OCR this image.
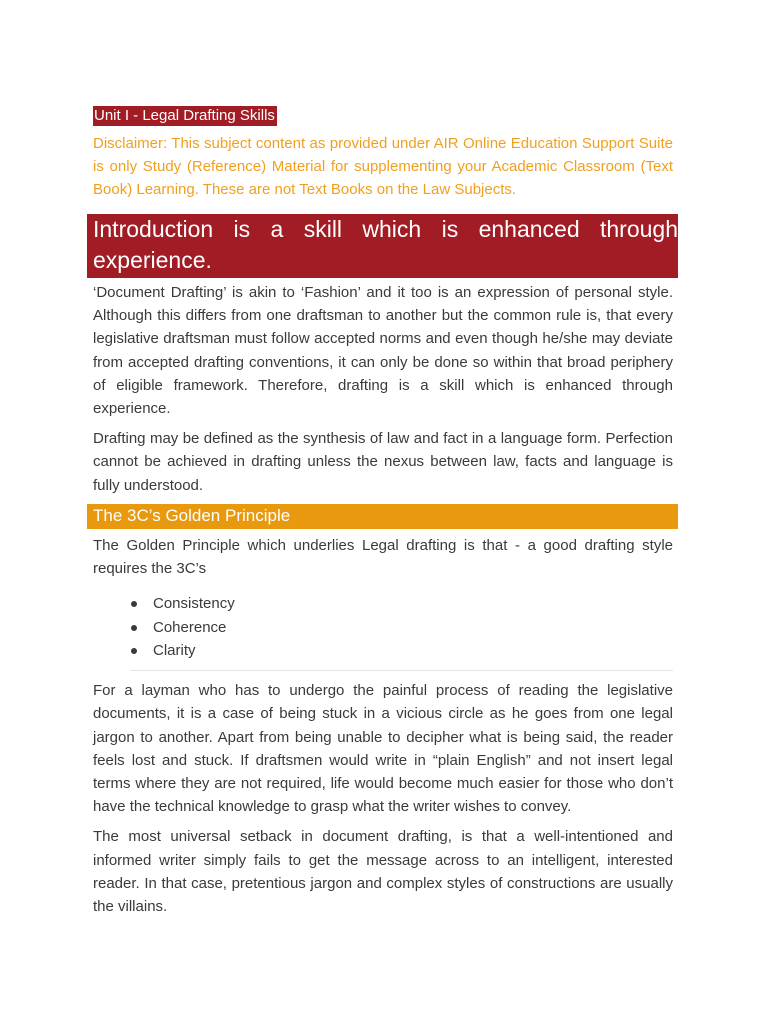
Unit I - Legal Drafting Skills

Disclaimer: This subject content as provided under AIR Online Education Support Suite is only Study (Reference) Material for supplementing your Academic Classroom (Text Book) Learning. These are not Text Books on the Law Subjects.

Introduction is a skill which is enhanced through experience.

‘Document Drafting’ is akin to ‘Fashion’ and it too is an expression of personal style. Although this differs from one draftsman to another but the common rule is, that every legislative draftsman must follow accepted norms and even though he/she may deviate from accepted drafting conventions, it can only be done so within that broad periphery of eligible framework. Therefore, drafting is a skill which is enhanced through experience.

Drafting may be defined as the synthesis of law and fact in a language form. Perfection cannot be achieved in drafting unless the nexus between law, facts and language is fully understood.

The 3C’s Golden Principle

The Golden Principle which underlies Legal drafting is that - a good drafting style requires the 3C’s

Consistency
Coherence
Clarity

For a layman who has to undergo the painful process of reading the legislative documents, it is a case of being stuck in a vicious circle as he goes from one legal jargon to another. Apart from being unable to decipher what is being said, the reader feels lost and stuck. If draftsmen would write in “plain English” and not insert legal terms where they are not required, life would become much easier for those who don’t have the technical knowledge to grasp what the writer wishes to convey.

The most universal setback in document drafting, is that a well-intentioned and informed writer simply fails to get the message across to an intelligent, interested reader. In that case, pretentious jargon and complex styles of constructions are usually the villains.
